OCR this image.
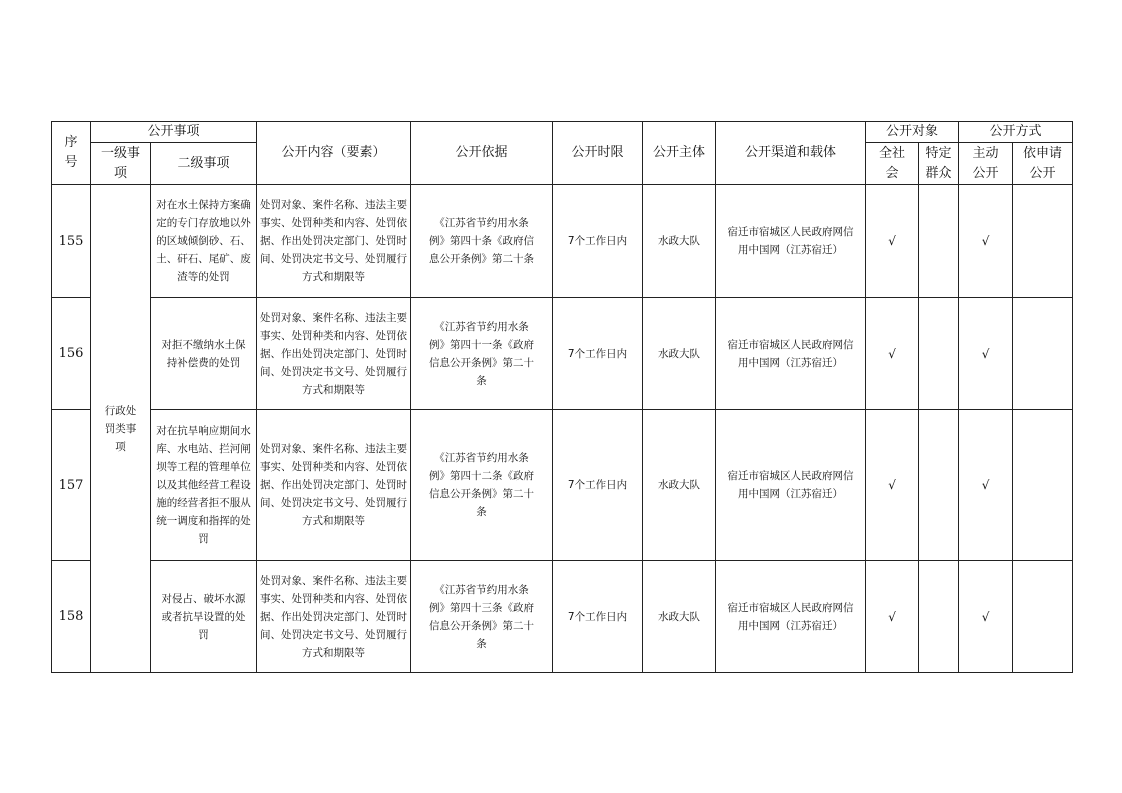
序号	公开事项		公开内容（要素）	公开依据	公开时限	公开主体	公开渠道和载体	公开对象		公开方式	
	一级事项	二级事项						全社会	特定群众	主动公开	依申请公开
155	行政处罚类事项	对在水土保持方案确定的专门存放地以外的区域倾倒砂、石、土、矸石、尾矿、废渣等的处罚	处罚对象、案件名称、违法主要事实、处罚种类和内容、处罚依据、作出处罚决定部门、处罚时间、处罚决定书文号、处罚履行方式和期限等	《江苏省节约用水条例》第四十条《政府信息公开条例》第二十条	7个工作日内	水政大队	宿迁市宿城区人民政府网信用中国网（江苏宿迁）	√		√	
156		对拒不缴纳水土保持补偿费的处罚	处罚对象、案件名称、违法主要事实、处罚种类和内容、处罚依据、作出处罚决定部门、处罚时间、处罚决定书文号、处罚履行方式和期限等	《江苏省节约用水条例》第四十一条《政府信息公开条例》第二十条	7个工作日内	水政大队	宿迁市宿城区人民政府网信用中国网（江苏宿迁）	√		√	
157		对在抗旱响应期间水库、水电站、拦河闸坝等工程的管理单位以及其他经营工程设施的经营者拒不服从统一调度和指挥的处罚	处罚对象、案件名称、违法主要事实、处罚种类和内容、处罚依据、作出处罚决定部门、处罚时间、处罚决定书文号、处罚履行方式和期限等	《江苏省节约用水条例》第四十二条《政府信息公开条例》第二十条	7个工作日内	水政大队	宿迁市宿城区人民政府网信用中国网（江苏宿迁）	√		√	
158		对侵占、破坏水源或者抗旱设置的处罚	处罚对象、案件名称、违法主要事实、处罚种类和内容、处罚依据、作出处罚决定部门、处罚时间、处罚决定书文号、处罚履行方式和期限等	《江苏省节约用水条例》第四十三条《政府信息公开条例》第二十条	7个工作日内	水政大队	宿迁市宿城区人民政府网信用中国网（江苏宿迁）	√		√	
